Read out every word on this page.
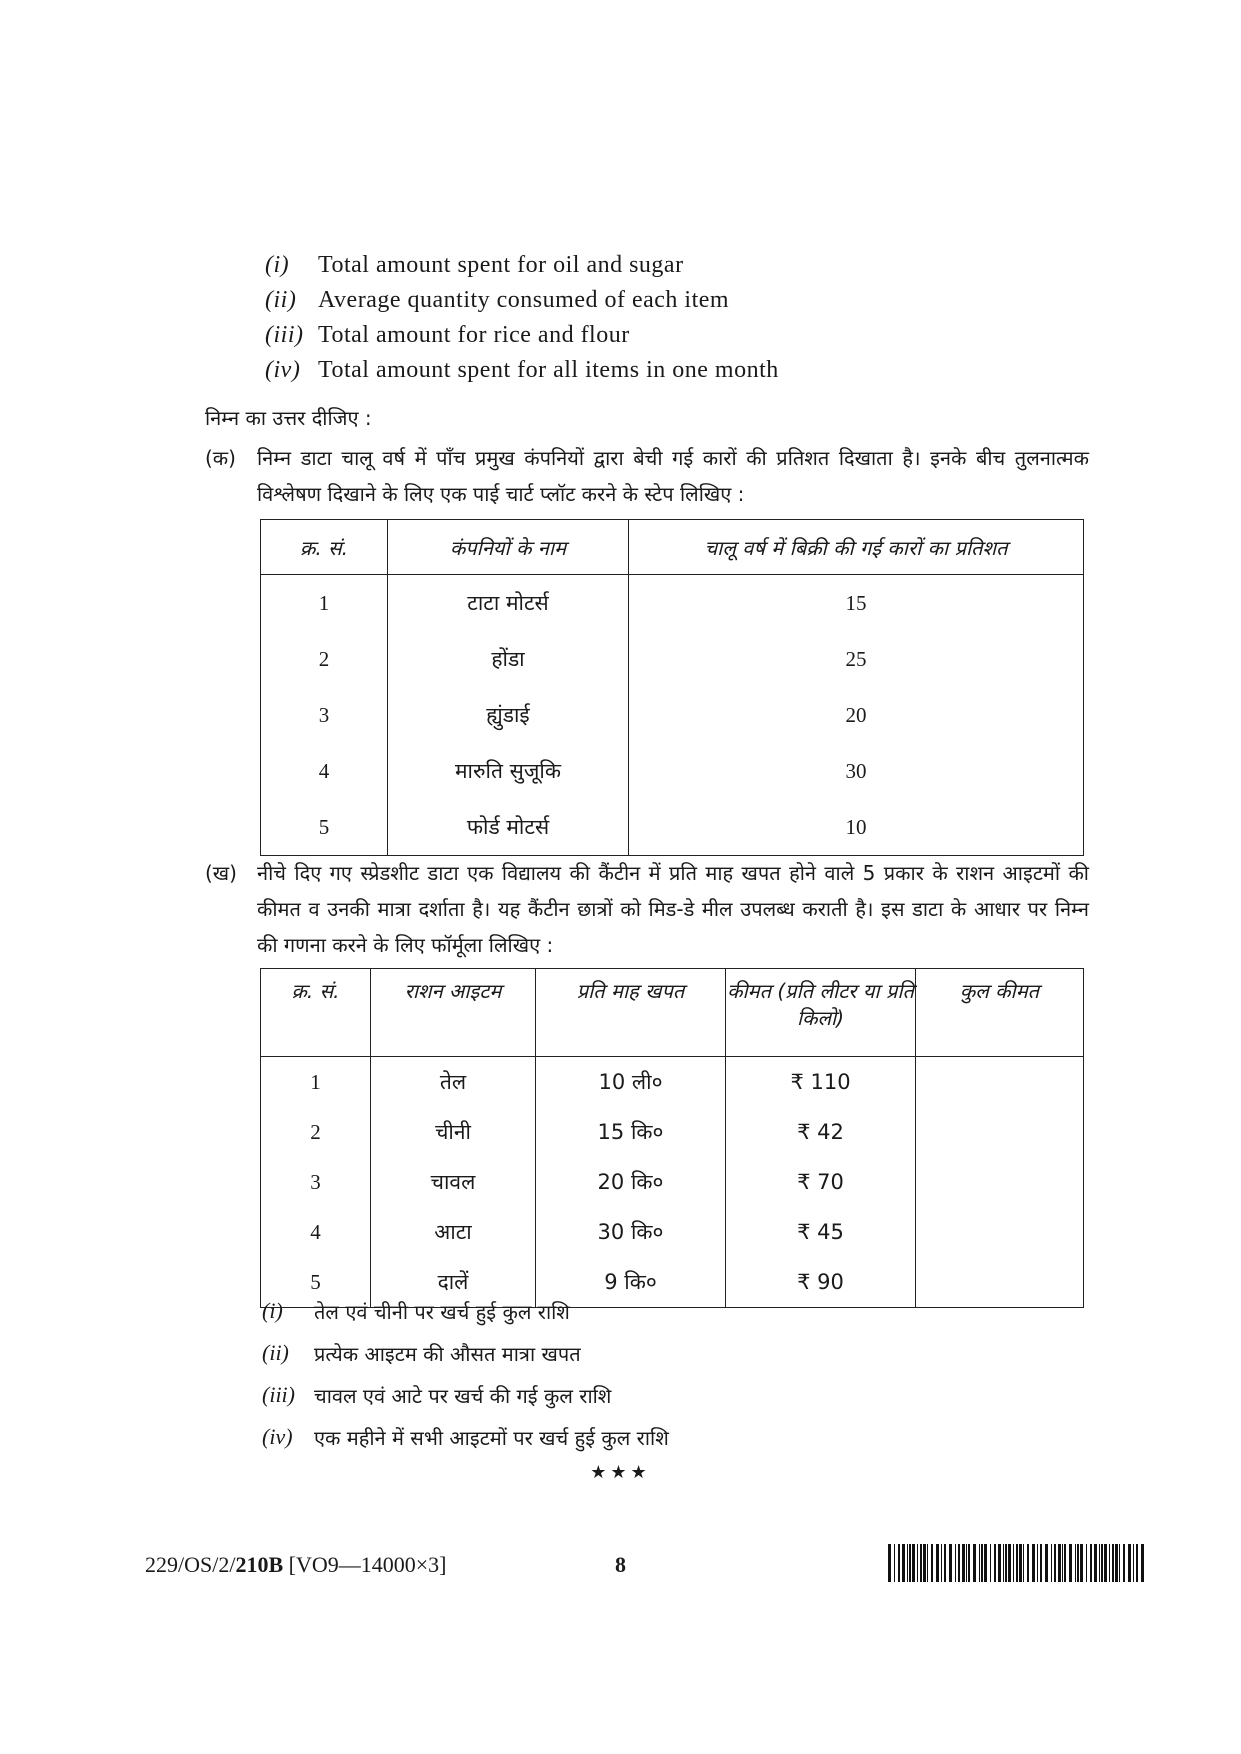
(i)	Total amount spent for oil and sugar
(ii) Average quantity consumed of each item
(iii) Total amount for rice and flour
(iv) Total amount spent for all items in one month
निम्न का उत्तर दीजिए :
(क) निम्न डाटा चालू वर्ष में पाँच प्रमुख कंपनियों द्वारा बेची गई कारों की प्रतिशत दिखाता है। इनके बीच तुलनात्मक विश्लेषण दिखाने के लिए एक पाई चार्ट प्लॉट करने के स्टेप लिखिए :
क्र. सं.	कंपनियों के नाम	चालू वर्ष में बिक्री की गई कारों का प्रतिशत
1	टाटा मोटर्स	15
2	होंडा	25
3	ह्युंडाई	20
4	मारुति सुजूकि	30
5	फोर्ड मोटर्स	10
(ख) नीचे दिए गए स्प्रेडशीट डाटा एक विद्यालय की कैंटीन में प्रति माह खपत होने वाले 5 प्रकार के राशन आइटमों की कीमत व उनकी मात्रा दर्शाता है। यह कैंटीन छात्रों को मिड-डे मील उपलब्ध कराती है। इस डाटा के आधार पर निम्न की गणना करने के लिए फॉर्मूला लिखिए :
क्र. सं.	राशन आइटम	प्रति माह खपत	कीमत (प्रति लीटर या प्रति किलो)	कुल कीमत
1	तेल	10 ली०	₹ 110	
2	चीनी	15 कि०	₹ 42	
3	चावल	20 कि०	₹ 70	
4	आटा	30 कि०	₹ 45	
5	दालें	9 कि०	₹ 90	
(i)	तेल एवं चीनी पर खर्च हुई कुल राशि
(ii)	प्रत्येक आइटम की औसत मात्रा खपत
(iii) चावल एवं आटे पर खर्च की गई कुल राशि
(iv)	एक महीने में सभी आइटमों पर खर्च हुई कुल राशि
★★★
229/OS/2/210B [VO9—14000×3]	8
